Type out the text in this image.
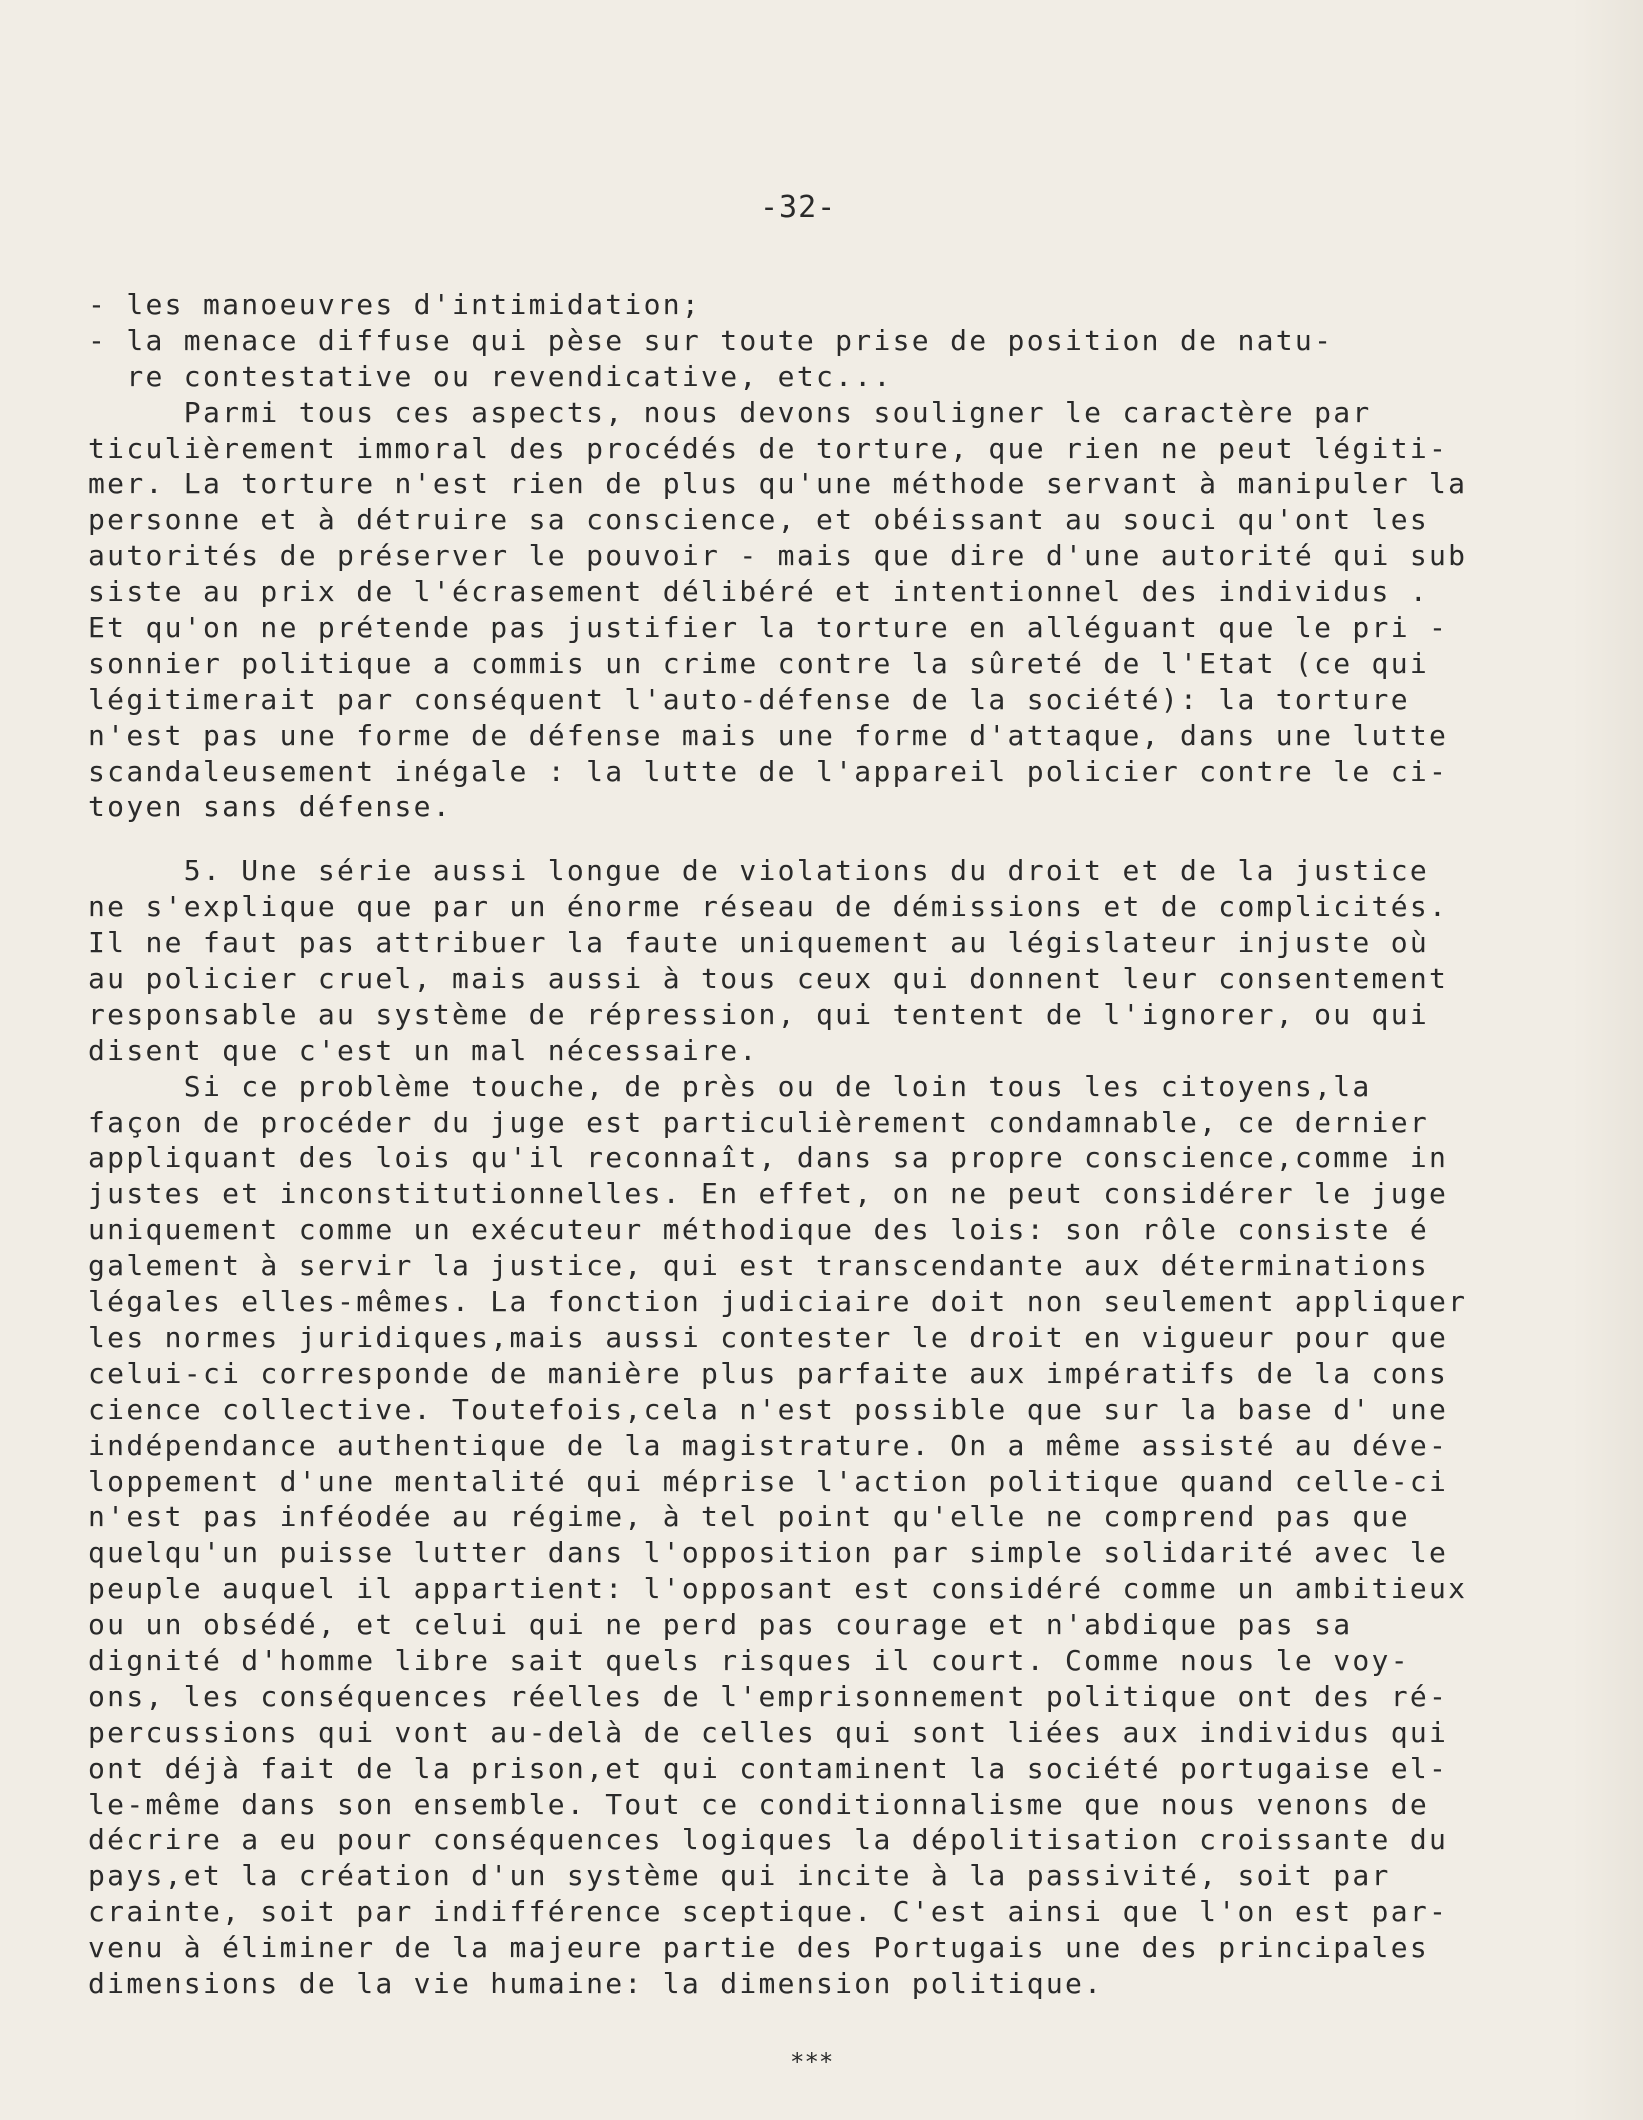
-32-
- les manoeuvres d'intimidation;
- la menace diffuse qui pèse sur toute prise de position de natu-
re contestative ou revendicative, etc...
Parmi tous ces aspects, nous devons souligner le caractère par
ticulièrement immoral des procédés de torture, que rien ne peut légiti-
mer. La torture n'est rien de plus qu'une méthode servant à manipuler la
personne et à détruire sa conscience, et obéissant au souci qu'ont les
autorités de préserver le pouvoir - mais que dire d'une autorité qui sub
siste au prix de l'écrasement délibéré et intentionnel des individus .
Et qu'on ne prétende pas justifier la torture en alléguant que le pri -
sonnier politique a commis un crime contre la sûreté de l'Etat (ce qui
légitimerait par conséquent l'auto-défense de la société): la torture
n'est pas une forme de défense mais une forme d'attaque, dans une lutte
scandaleusement inégale : la lutte de l'appareil policier contre le ci-
toyen sans défense.
5. Une série aussi longue de violations du droit et de la justice
ne s'explique que par un énorme réseau de démissions et de complicités.
Il ne faut pas attribuer la faute uniquement au législateur injuste où
au policier cruel, mais aussi à tous ceux qui donnent leur consentement
responsable au système de répression, qui tentent de l'ignorer, ou qui
disent que c'est un mal nécessaire.
Si ce problème touche, de près ou de loin tous les citoyens,la
façon de procéder du juge est particulièrement condamnable, ce dernier
appliquant des lois qu'il reconnaît, dans sa propre conscience,comme in
justes et inconstitutionnelles. En effet, on ne peut considérer le juge
uniquement comme un exécuteur méthodique des lois: son rôle consiste é
galement à servir la justice, qui est transcendante aux déterminations
légales elles-mêmes. La fonction judiciaire doit non seulement appliquer
les normes juridiques,mais aussi contester le droit en vigueur pour que
celui-ci corresponde de manière plus parfaite aux impératifs de la cons
cience collective. Toutefois,cela n'est possible que sur la base d' une
indépendance authentique de la magistrature. On a même assisté au déve-
loppement d'une mentalité qui méprise l'action politique quand celle-ci
n'est pas inféodée au régime, à tel point qu'elle ne comprend pas que
quelqu'un puisse lutter dans l'opposition par simple solidarité avec le
peuple auquel il appartient: l'opposant est considéré comme un ambitieux
ou un obsédé, et celui qui ne perd pas courage et n'abdique pas sa
dignité d'homme libre sait quels risques il court. Comme nous le voy-
ons, les conséquences réelles de l'emprisonnement politique ont des ré-
percussions qui vont au-delà de celles qui sont liées aux individus qui
ont déjà fait de la prison,et qui contaminent la société portugaise el-
le-même dans son ensemble. Tout ce conditionnalisme que nous venons de
décrire a eu pour conséquences logiques la dépolitisation croissante du
pays,et la création d'un système qui incite à la passivité, soit par
crainte, soit par indifférence sceptique. C'est ainsi que l'on est par-
venu à éliminer de la majeure partie des Portugais une des principales
dimensions de la vie humaine: la dimension politique.
***
